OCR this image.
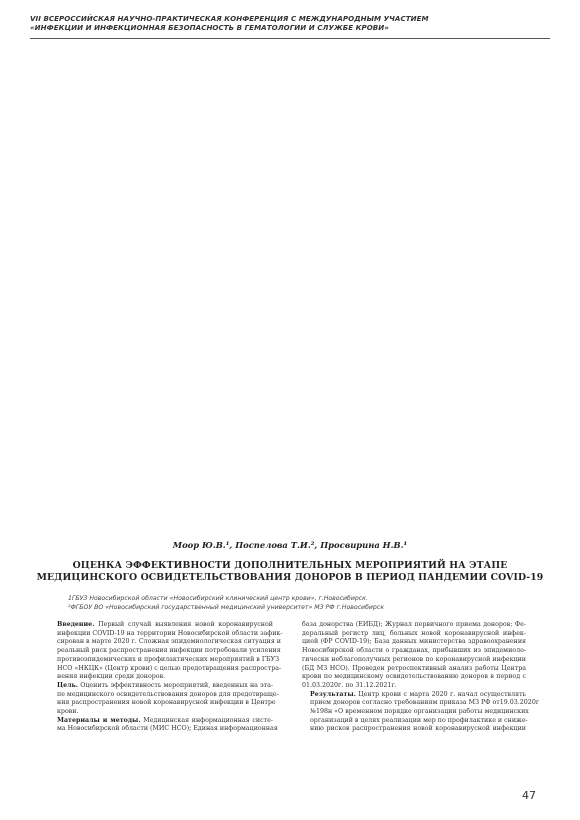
VII ВСЕРОССИЙСКАЯ НАУЧНО-ПРАКТИЧЕСКАЯ КОНФЕРЕНЦИЯ С МЕЖДУНАРОДНЫМ УЧАСТИЕМ
«ИНФЕКЦИИ И ИНФЕКЦИОННАЯ БЕЗОПАСНОСТЬ В ГЕМАТОЛОГИИ И СЛУЖБЕ КРОВИ»
Моор Ю.В.¹, Поспелова Т.И.², Просвирина Н.В.¹
ОЦЕНКА ЭФФЕКТИВНОСТИ ДОПОЛНИТЕЛЬНЫХ МЕРОПРИЯТИЙ НА ЭТАПЕ
МЕДИЦИНСКОГО ОСВИДЕТЕЛЬСТВОВАНИЯ ДОНОРОВ В ПЕРИОД ПАНДЕМИИ COVID-19
1ГБУЗ Новосибирской области «Новосибирский клинический центр крови», г.Новосибирск.
²ФГБОУ ВО «Новосибирский государственный медицинский университет» МЗ РФ г.Новосибирск

Введение. Первый случай выявления новой коронавирусной
инфекции COVID-19 на территории Новосибирской области зафик-
сирован в марте 2020 г. Сложная эпидемиологическая ситуация и
реальный риск распространения инфекции потребовали усиления
противоэпидемических и профилактических мероприятий в ГБУЗ
НСО «НКЦК» (Центр крови) с целью предотвращения распростра-
нения инфекции среди доноров.

Цель. Оценить эффективность мероприятий, введенных на эта-
пе медицинского освидетельствования доноров для предотвраще-
ния распространения новой коронавирусной инфекции в Центре
крови.

Материалы и методы. Медицинская информационная систе-
ма Новосибирской области (МИС НСО); Единая информационная

база донорства (ЕИБД); Журнал первичного приема доноров; Фе-
деральный регистр лиц, больных новой коронавирусной инфек-
цией (ФР COVID-19); База данных министерства здравоохранения
Новосибирской области о гражданах, прибывших из эпидемиоло-
гически неблагополучных регионов по коронавирусной инфекции
(БД МЗ НСО). Проведен ретроспективный анализ работы Центра
крови по медицинскому освидетельствованию доноров в период с
01.03.2020г. по 31.12.2021г.

Результаты. Центр крови с марта 2020 г. начал осуществлять
прием доноров согласно требованиям приказа МЗ РФ от19.03.2020г
№198н «О временном порядке организации работы медицинских
организаций в целях реализации мер по профилактике и сниже-
нию рисков распространения новой коронавирусной инфекции

47
